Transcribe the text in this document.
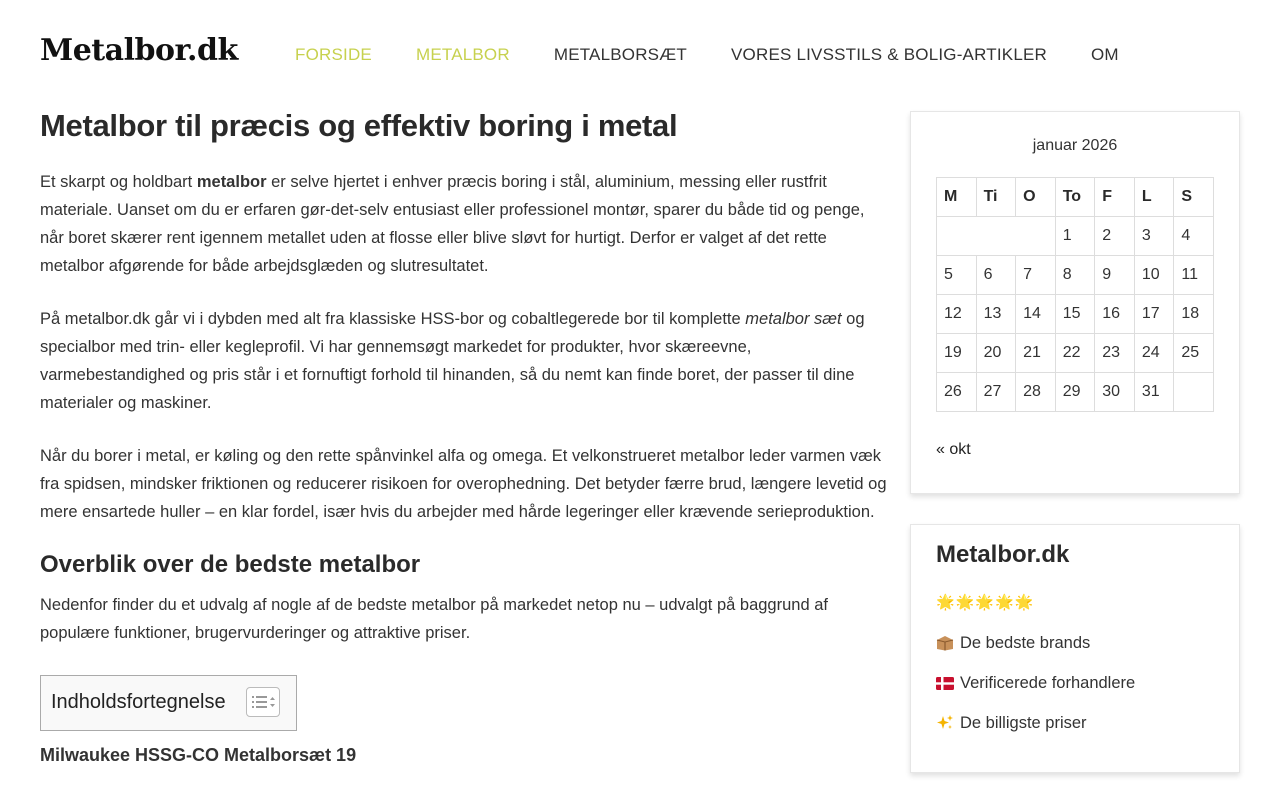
Metalbor.dk	FORSIDE	METALBOR	METALBORSÆT	VORES LIVSSTILS & BOLIG-ARTIKLER	OM
Metalbor til præcis og effektiv boring i metal

Et skarpt og holdbart metalbor er selve hjertet i enhver præcis boring i stål, aluminium, messing eller rustfrit materiale. Uanset om du er erfaren gør-det-selv entusiast eller professionel montør, sparer du både tid og penge, når boret skærer rent igennem metallet uden at flosse eller blive sløvt for hurtigt. Derfor er valget af det rette metalbor afgørende for både arbejdsglæden og slutresultatet.

På metalbor.dk går vi i dybden med alt fra klassiske HSS-bor og cobaltlegerede bor til komplette metalbor sæt og specialbor med trin- eller kegleprofil. Vi har gennemsøgt markedet for produkter, hvor skæreevne, varmebestandighed og pris står i et fornuftigt forhold til hinanden, så du nemt kan finde boret, der passer til dine materialer og maskiner.

Når du borer i metal, er køling og den rette spånvinkel alfa og omega. Et velkonstrueret metalbor leder varmen væk fra spidsen, mindsker friktionen og reducerer risikoen for overophedning. Det betyder færre brud, længere levetid og mere ensartede huller – en klar fordel, især hvis du arbejder med hårde legeringer eller krævende serieproduktion.

Overblik over de bedste metalbor

Nedenfor finder du et udvalg af nogle af de bedste metalbor på markedet netop nu – udvalgt på baggrund af populære funktioner, brugervurderinger og attraktive priser.

Indholdsfortegnelse
Milwaukee HSSG-CO Metalborsæt 19
januar 2026
M	Ti	O	To	F	L	S
			1	2	3	4
5	6	7	8	9	10	11
12	13	14	15	16	17	18
19	20	21	22	23	24	25
26	27	28	29	30	31	
« okt
Metalbor.dk
🌟🌟🌟🌟🌟
De bedste brands
Verificerede forhandlere
De billigste priser
